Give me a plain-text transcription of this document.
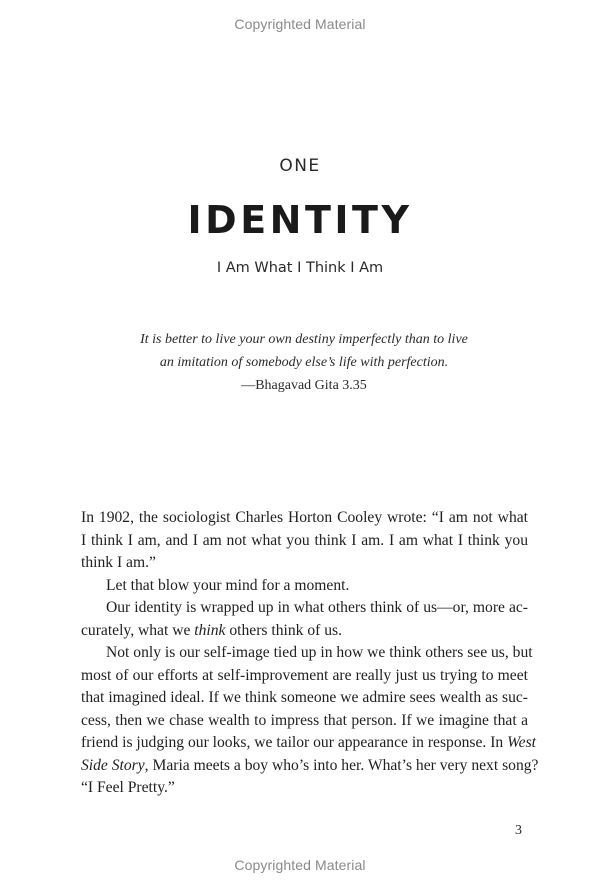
Copyrighted Material
ONE
IDENTITY
I Am What I Think I Am
It is better to live your own destiny imperfectly than to live
an imitation of somebody else’s life with perfection.
—Bhagavad Gita 3.35
In 1902, the sociologist Charles Horton Cooley wrote: “I am not what
I think I am, and I am not what you think I am. I am what I think you
think I am.”
Let that blow your mind for a moment.
Our identity is wrapped up in what others think of us—or, more ac-
curately, what we think others think of us.
Not only is our self-image tied up in how we think others see us, but
most of our efforts at self-improvement are really just us trying to meet
that imagined ideal. If we think someone we admire sees wealth as suc-
cess, then we chase wealth to impress that person. If we imagine that a
friend is judging our looks, we tailor our appearance in response. In West
Side Story, Maria meets a boy who’s into her. What’s her very next song?
“I Feel Pretty.”
3
Copyrighted Material
